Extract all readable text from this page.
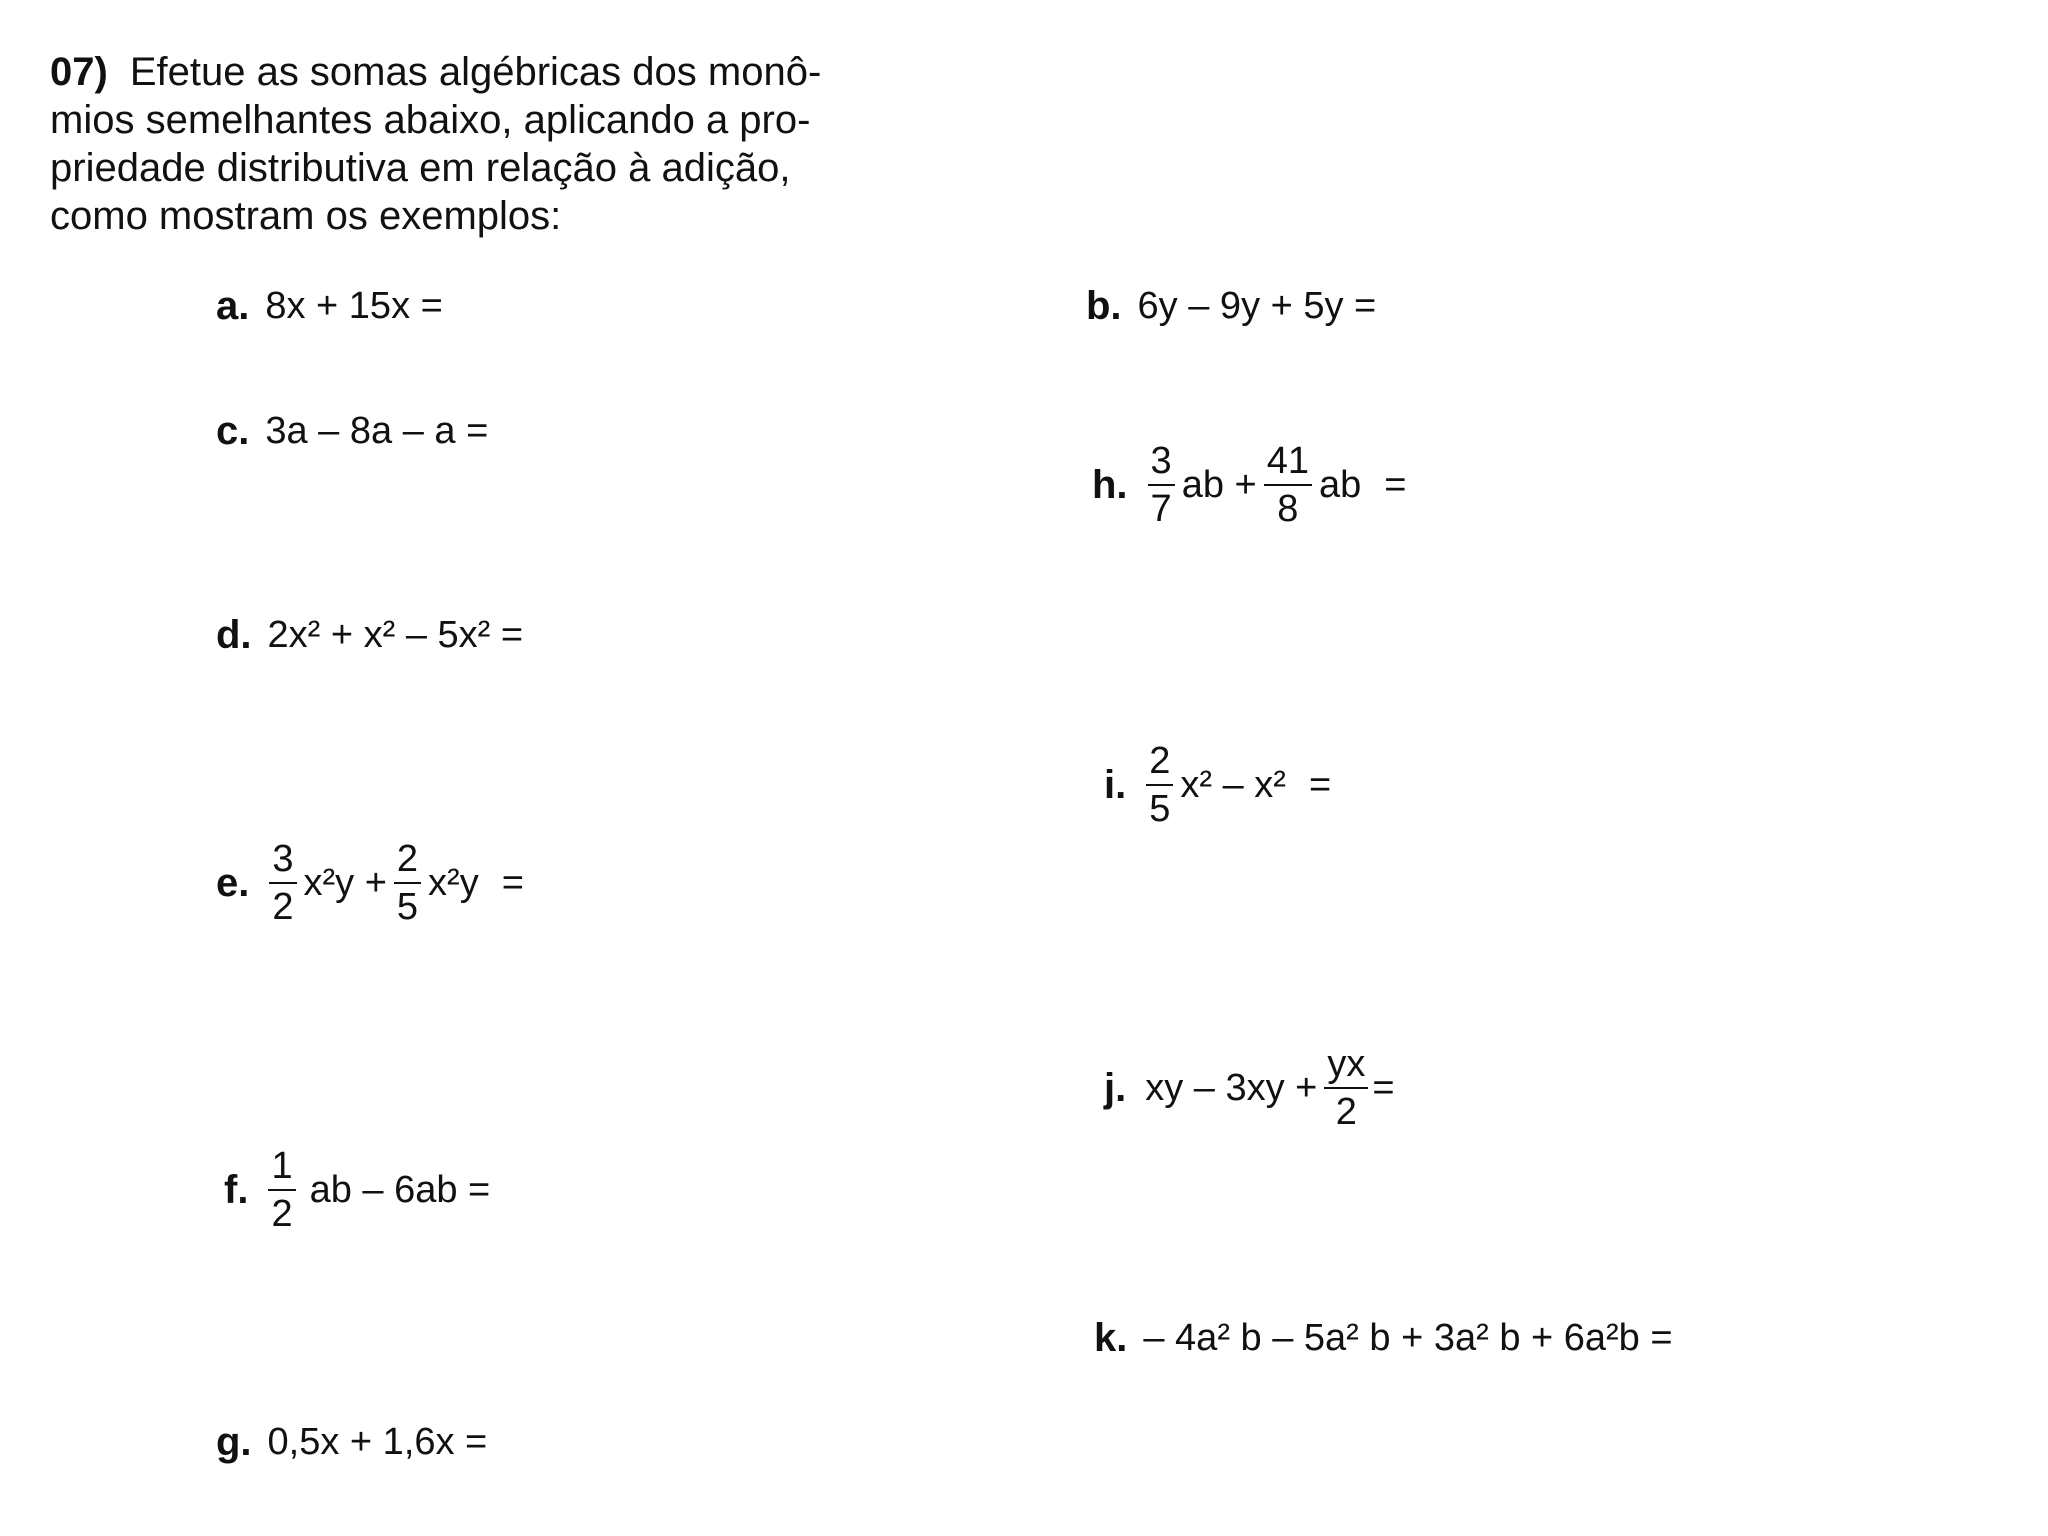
07) Efetue as somas algébricas dos monô-
mios semelhantes abaixo, aplicando a pro-
priedade distributiva em relação à adição,
como mostram os exemplos:
a. 8x + 15x =
c. 3a – 8a – a =
d. 2x² + x² – 5x² =
e. $\frac{3}{2} x^2y + \frac{2}{5} x^2y$ =
f. $\frac{1}{2}$ ab – 6ab =
g. 0,5x + 1,6x =
b. 6y – 9y + 5y =
h. $\frac{3}{7}$ ab + $\frac{41}{8}$ ab =
i. $\frac{2}{5} x^2 - x^2$ =
j. xy – $3xy + \frac{yx}{2}$ =
k. – 4a² b – 5a² b + 3a² b + 6a²b =
